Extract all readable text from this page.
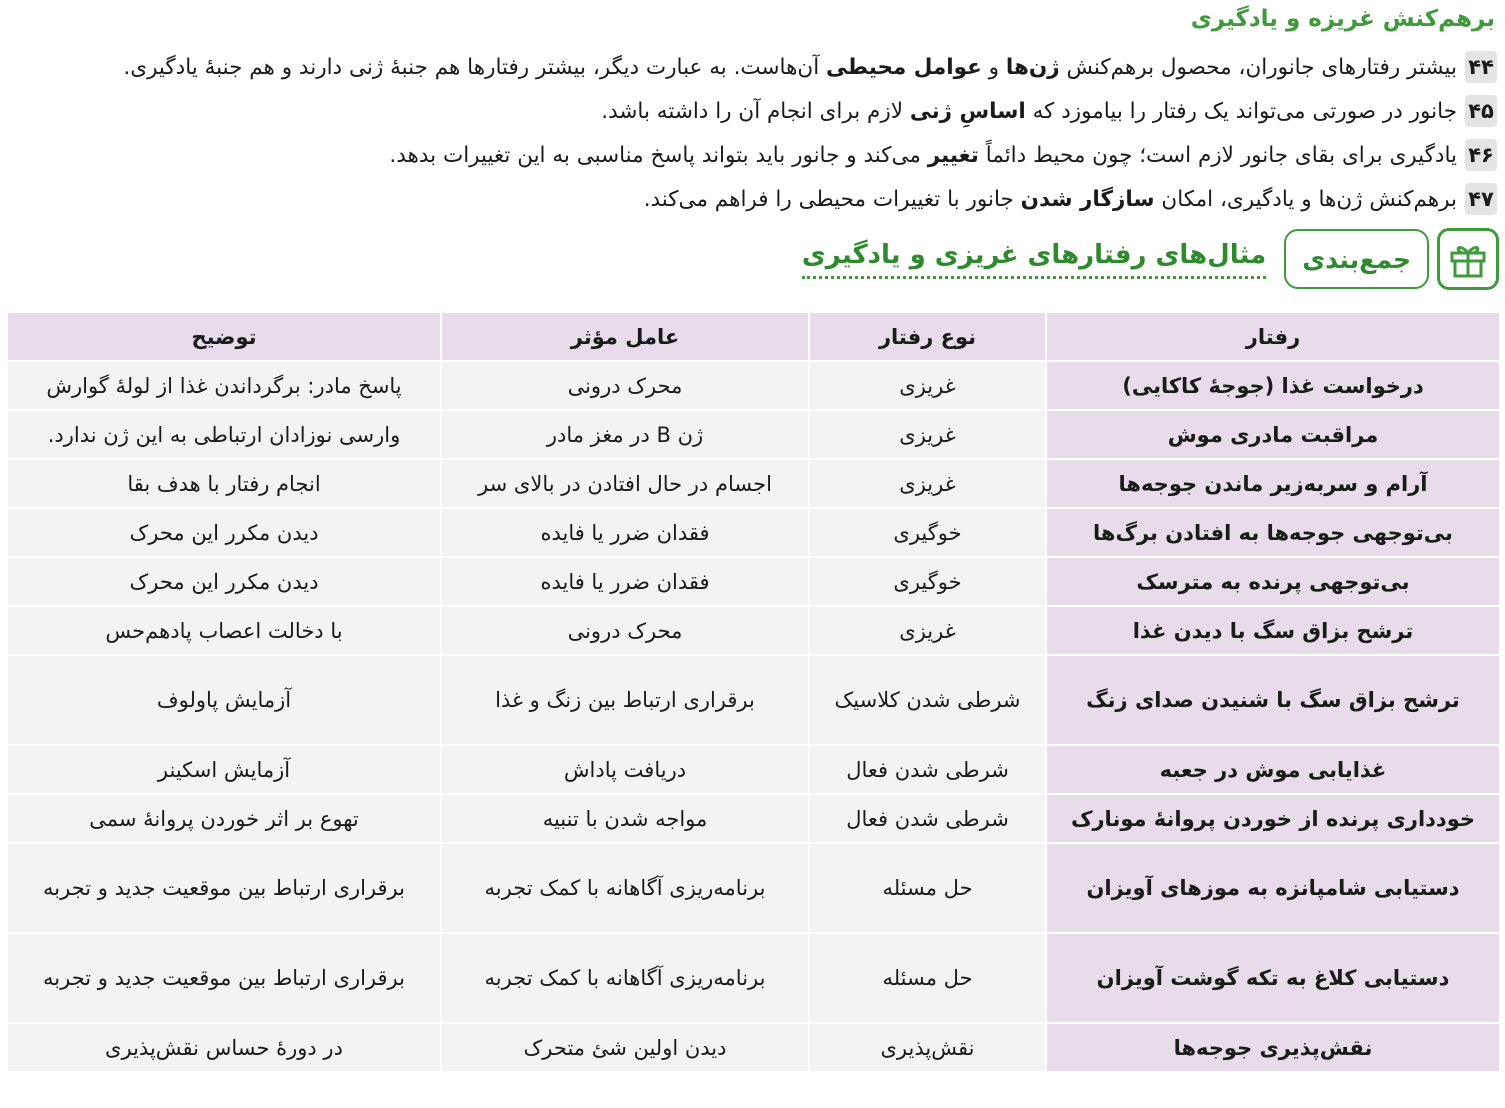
برهم‌کنش غریزه و یادگیری
۴۴
بیشتر رفتارهای جانوران، محصول برهم‌کنش ژن‌ها و عوامل محیطی آن‌هاست. به عبارت دیگر، بیشتر رفتارها هم جنبۀ ژنی دارند و هم جنبۀ یادگیری.
۴۵
جانور در صورتی می‌تواند یک رفتار را بیاموزد که اساسِ ژنی لازم برای انجام آن را داشته باشد.
۴۶
یادگیری برای بقای جانور لازم است؛ چون محیط دائماً تغییر می‌کند و جانور باید بتواند پاسخ مناسبی به این تغییرات بدهد.
۴۷
برهم‌کنش ژن‌ها و یادگیری، امکان سازگار شدن جانور با تغییرات محیطی را فراهم می‌کند.
جمع‌بندی
مثال‌های رفتارهای غریزی و یادگیری
رفتار	نوع رفتار	عامل مؤثر	توضیح
درخواست غذا (جوجۀ کاکایی)	غریزی	محرک درونی	پاسخ مادر: برگرداندن غذا از لولۀ گوارش
مراقبت مادری موش	غریزی	ژن B در مغز مادر	وارسی نوزادان ارتباطی به این ژن ندارد.
آرام و سربه‌زیر ماندن جوجه‌ها	غریزی	اجسام در حال افتادن در بالای سر	انجام رفتار با هدف بقا
بی‌توجهی جوجه‌ها به افتادن برگ‌ها	خوگیری	فقدان ضرر یا فایده	دیدن مکرر این محرک
بی‌توجهی پرنده به مترسک	خوگیری	فقدان ضرر یا فایده	دیدن مکرر این محرک
ترشح بزاق سگ با دیدن غذا	غریزی	محرک درونی	با دخالت اعصاب پادهم‌حس
ترشح بزاق سگ با شنیدن صدای زنگ	شرطی شدن کلاسیک	برقراری ارتباط بین زنگ و غذا	آزمایش پاولوف
غذایابی موش در جعبه	شرطی شدن فعال	دریافت پاداش	آزمایش اسکینر
خودداری پرنده از خوردن پروانۀ مونارک	شرطی شدن فعال	مواجه شدن با تنبیه	تهوع بر اثر خوردن پروانۀ سمی
دستیابی شامپانزه به موزهای آویزان	حل مسئله	برنامه‌ریزی آگاهانه با کمک تجربه	برقراری ارتباط بین موقعیت جدید و تجربه
دستیابی کلاغ به تکه گوشت آویزان	حل مسئله	برنامه‌ریزی آگاهانه با کمک تجربه	برقراری ارتباط بین موقعیت جدید و تجربه
نقش‌پذیری جوجه‌ها	نقش‌پذیری	دیدن اولین شئ متحرک	در دورۀ حساس نقش‌پذیری
